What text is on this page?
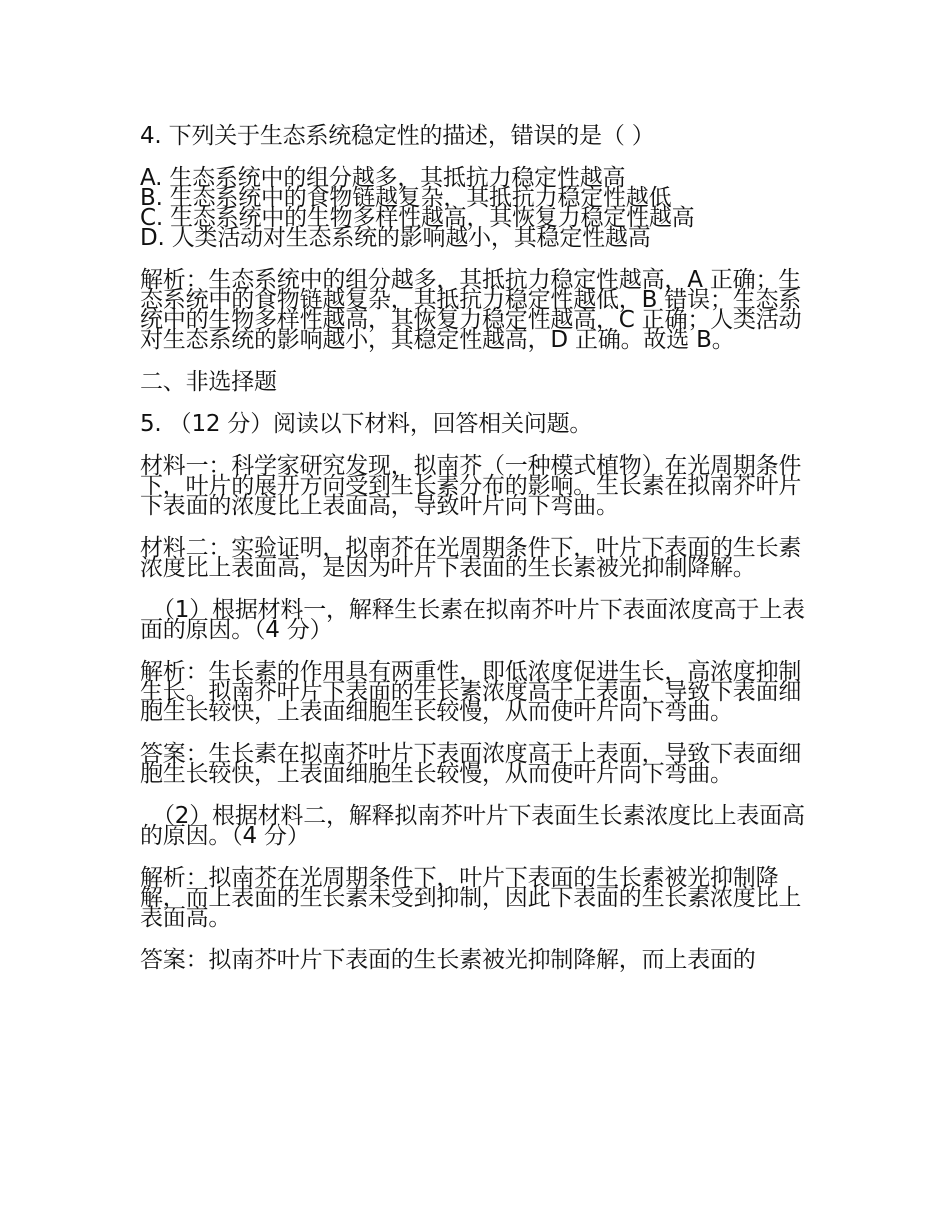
4. 下列关于生态系统稳定性的描述，错误的是（ ）

A. 生态系统中的组分越多，其抵抗力稳定性越高

B. 生态系统中的食物链越复杂，其抵抗力稳定性越低

C. 生态系统中的生物多样性越高，其恢复力稳定性越高

D. 人类活动对生态系统的影响越小，其稳定性越高

解析：生态系统中的组分越多，其抵抗力稳定性越高，A 正确；生态系统中的食物链越复杂，其抵抗力稳定性越低，B 错误；生态系统中的生物多样性越高，其恢复力稳定性越高，C 正确；人类活动对生态系统的影响越小，其稳定性越高，D 正确。故选 B。

二、非选择题

5. （12 分）阅读以下材料，回答相关问题。

材料一：科学家研究发现，拟南芥（一种模式植物）在光周期条件下，叶片的展开方向受到生长素分布的影响。生长素在拟南芥叶片下表面的浓度比上表面高，导致叶片向下弯曲。

材料二：实验证明，拟南芥在光周期条件下，叶片下表面的生长素浓度比上表面高，是因为叶片下表面的生长素被光抑制降解。

（1）根据材料一，解释生长素在拟南芥叶片下表面浓度高于上表面的原因。（4 分）

解析：生长素的作用具有两重性，即低浓度促进生长，高浓度抑制生长。拟南芥叶片下表面的生长素浓度高于上表面，导致下表面细胞生长较快，上表面细胞生长较慢，从而使叶片向下弯曲。

答案：生长素在拟南芥叶片下表面浓度高于上表面，导致下表面细胞生长较快，上表面细胞生长较慢，从而使叶片向下弯曲。

（2）根据材料二，解释拟南芥叶片下表面生长素浓度比上表面高的原因。（4 分）

解析：拟南芥在光周期条件下，叶片下表面的生长素被光抑制降解，而上表面的生长素未受到抑制，因此下表面的生长素浓度比上表面高。

答案：拟南芥叶片下表面的生长素被光抑制降解，而上表面的
